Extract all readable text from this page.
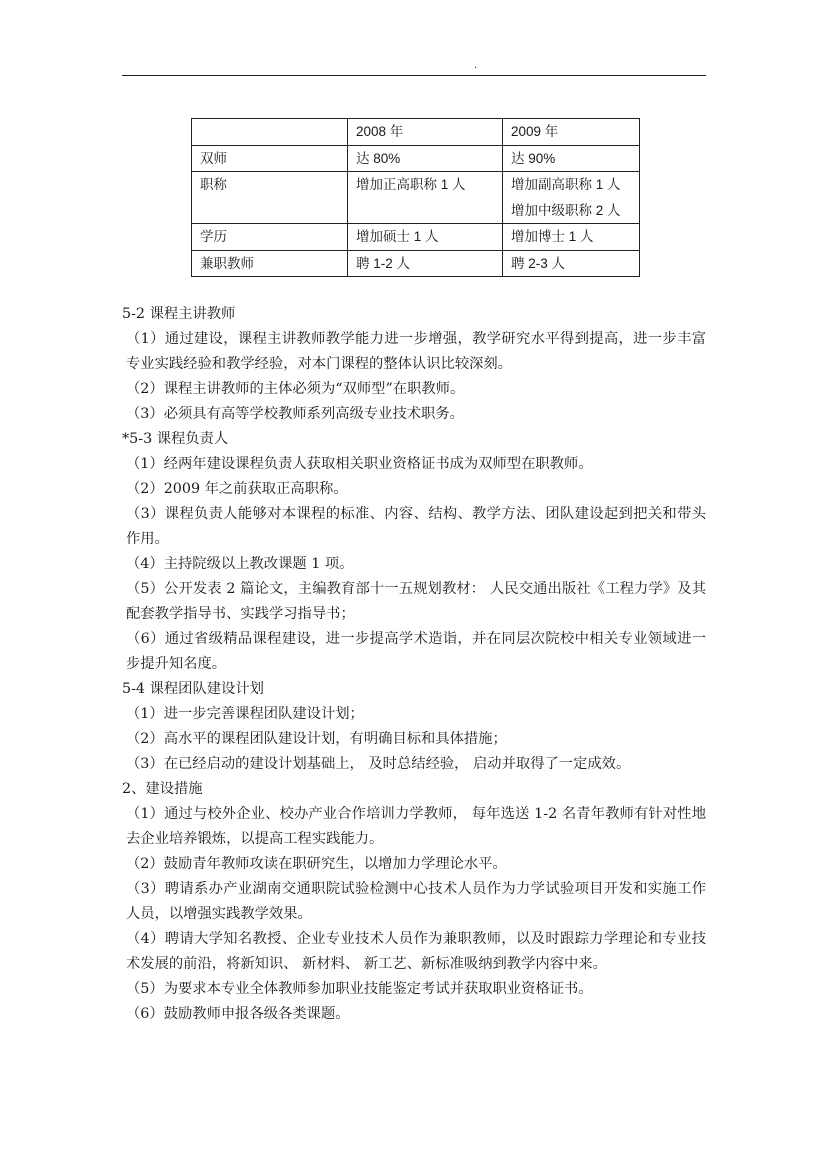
.
	2008 年	2009 年
双师	达 80%	达 90%

职称	增加正高职称 1 人	增加副高职称 1 人
增加中级职称 2 人

学历	增加硕士 1 人	增加博士 1 人

兼职教师	聘 1-2 人	聘 2-3 人

5-2 课程主讲教师

（1）通过建设，课程主讲教师教学能力进一步增强，教学研究水平得到提高，进一步丰富专业实践经验和教学经验，对本门课程的整体认识比较深刻。

（2）课程主讲教师的主体必须为“双师型”在职教师。

（3）必须具有高等学校教师系列高级专业技术职务。

*5-3 课程负责人

（1）经两年建设课程负责人获取相关职业资格证书成为双师型在职教师。

（2）2009 年之前获取正高职称。

（3）课程负责人能够对本课程的标准、内容、结构、教学方法、团队建设起到把关和带头作用。

（4）主持院级以上教改课题 1 项。

（5）公开发表 2 篇论文，主编教育部十一五规划教材： 人民交通出版社《工程力学》及其配套教学指导书、实践学习指导书；

（6）通过省级精品课程建设，进一步提高学术造诣，并在同层次院校中相关专业领域进一步提升知名度。

5-4 课程团队建设计划

（1）进一步完善课程团队建设计划；

（2）高水平的课程团队建设计划，有明确目标和具体措施；

（3）在已经启动的建设计划基础上， 及时总结经验， 启动并取得了一定成效。

2、建设措施

（1）通过与校外企业、校办产业合作培训力学教师， 每年选送 1-2 名青年教师有针对性地去企业培养锻炼，以提高工程实践能力。

（2）鼓励青年教师攻读在职研究生，以增加力学理论水平。

（3）聘请系办产业湖南交通职院试验检测中心技术人员作为力学试验项目开发和实施工作人员，以增强实践教学效果。

（4）聘请大学知名教授、企业专业技术人员作为兼职教师，以及时跟踪力学理论和专业技术发展的前沿，将新知识、 新材料、 新工艺、新标准吸纳到教学内容中来。

（5）为要求本专业全体教师参加职业技能鉴定考试并获取职业资格证书。

（6）鼓励教师申报各级各类课题。
